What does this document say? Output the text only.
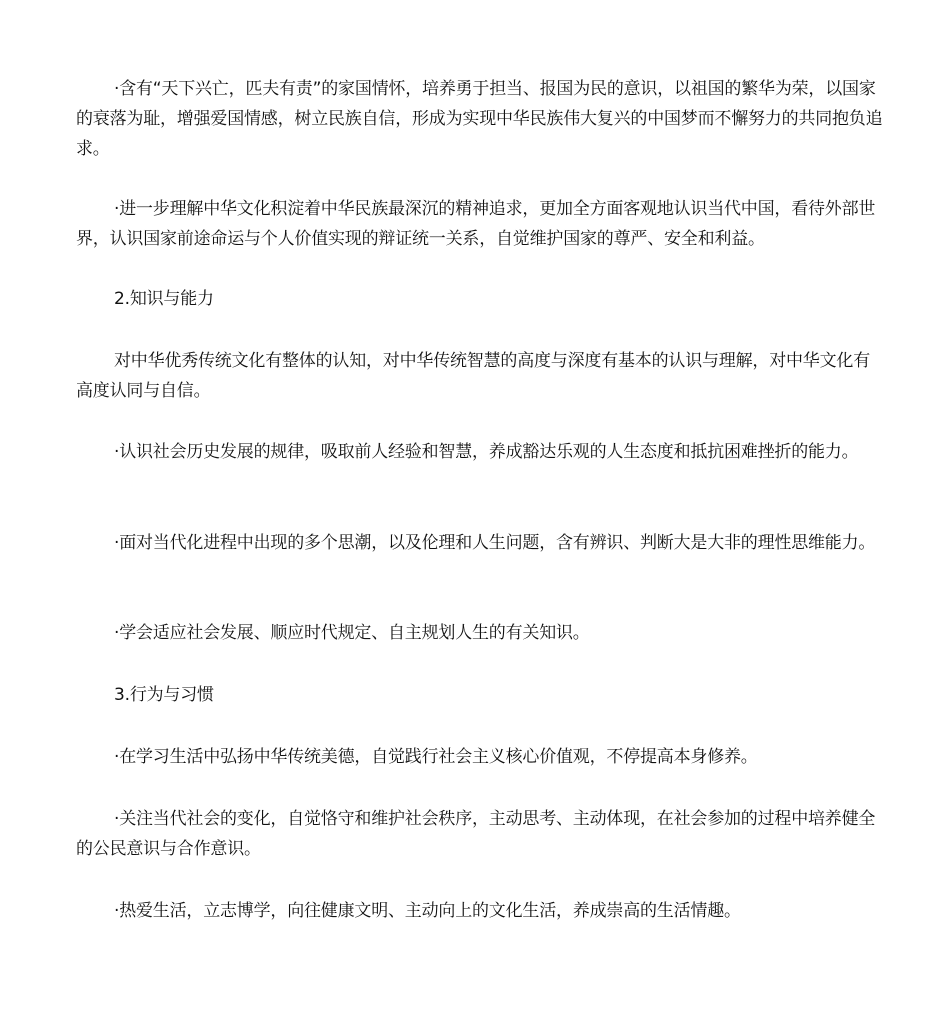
·含有“天下兴亡，匹夫有责”的家国情怀，培养勇于担当、报国为民的意识，以祖国的繁华为荣，以国家的衰落为耻，增强爱国情感，树立民族自信，形成为实现中华民族伟大复兴的中国梦而不懈努力的共同抱负追求。

·进一步理解中华文化积淀着中华民族最深沉的精神追求，更加全方面客观地认识当代中国，看待外部世界，认识国家前途命运与个人价值实现的辩证统一关系，自觉维护国家的尊严、安全和利益。

2.知识与能力

对中华优秀传统文化有整体的认知，对中华传统智慧的高度与深度有基本的认识与理解，对中华文化有高度认同与自信。

·认识社会历史发展的规律，吸取前人经验和智慧，养成豁达乐观的人生态度和抵抗困难挫折的能力。

·面对当代化进程中出现的多个思潮，以及伦理和人生问题，含有辨识、判断大是大非的理性思维能力。

·学会适应社会发展、顺应时代规定、自主规划人生的有关知识。

3.行为与习惯

·在学习生活中弘扬中华传统美德，自觉践行社会主义核心价值观，不停提高本身修养。

·关注当代社会的变化，自觉恪守和维护社会秩序，主动思考、主动体现，在社会参加的过程中培养健全的公民意识与合作意识。

·热爱生活，立志博学，向往健康文明、主动向上的文化生活，养成崇高的生活情趣。
